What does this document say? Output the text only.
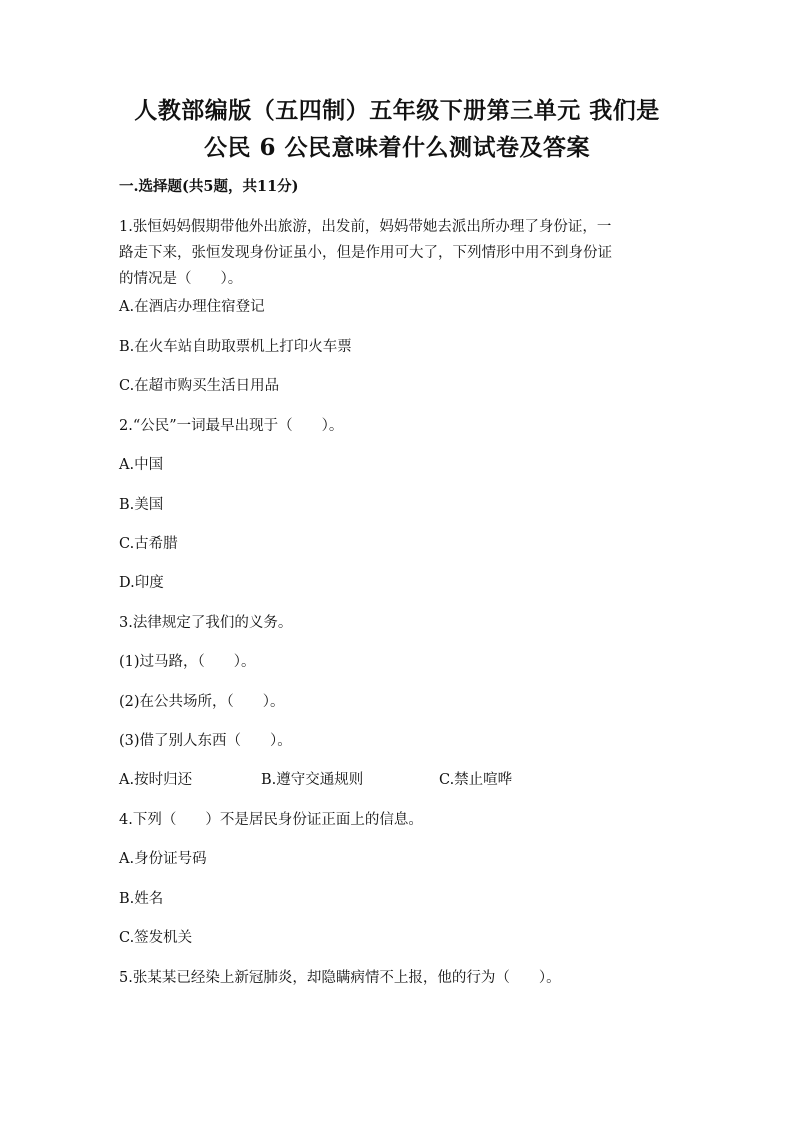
人教部编版（五四制）五年级下册第三单元 我们是
公民 6 公民意味着什么测试卷及答案
一.选择题(共5题，共11分)
1.张恒妈妈假期带他外出旅游，出发前，妈妈带她去派出所办理了身份证，一
路走下来，张恒发现身份证虽小，但是作用可大了，下列情形中用不到身份证
的情况是（　　）。
A.在酒店办理住宿登记
B.在火车站自助取票机上打印火车票
C.在超市购买生活日用品
2.“公民”一词最早出现于（　　）。
A.中国
B.美国
C.古希腊
D.印度
3.法律规定了我们的义务。
(1)过马路，（　　）。
(2)在公共场所，（　　）。
(3)借了别人东西（　　）。
A.按时归还	B.遵守交通规则	C.禁止喧哗
4.下列（　　）不是居民身份证正面上的信息。
A.身份证号码
B.姓名
C.签发机关
5.张某某已经染上新冠肺炎，却隐瞒病情不上报，他的行为（　　）。
